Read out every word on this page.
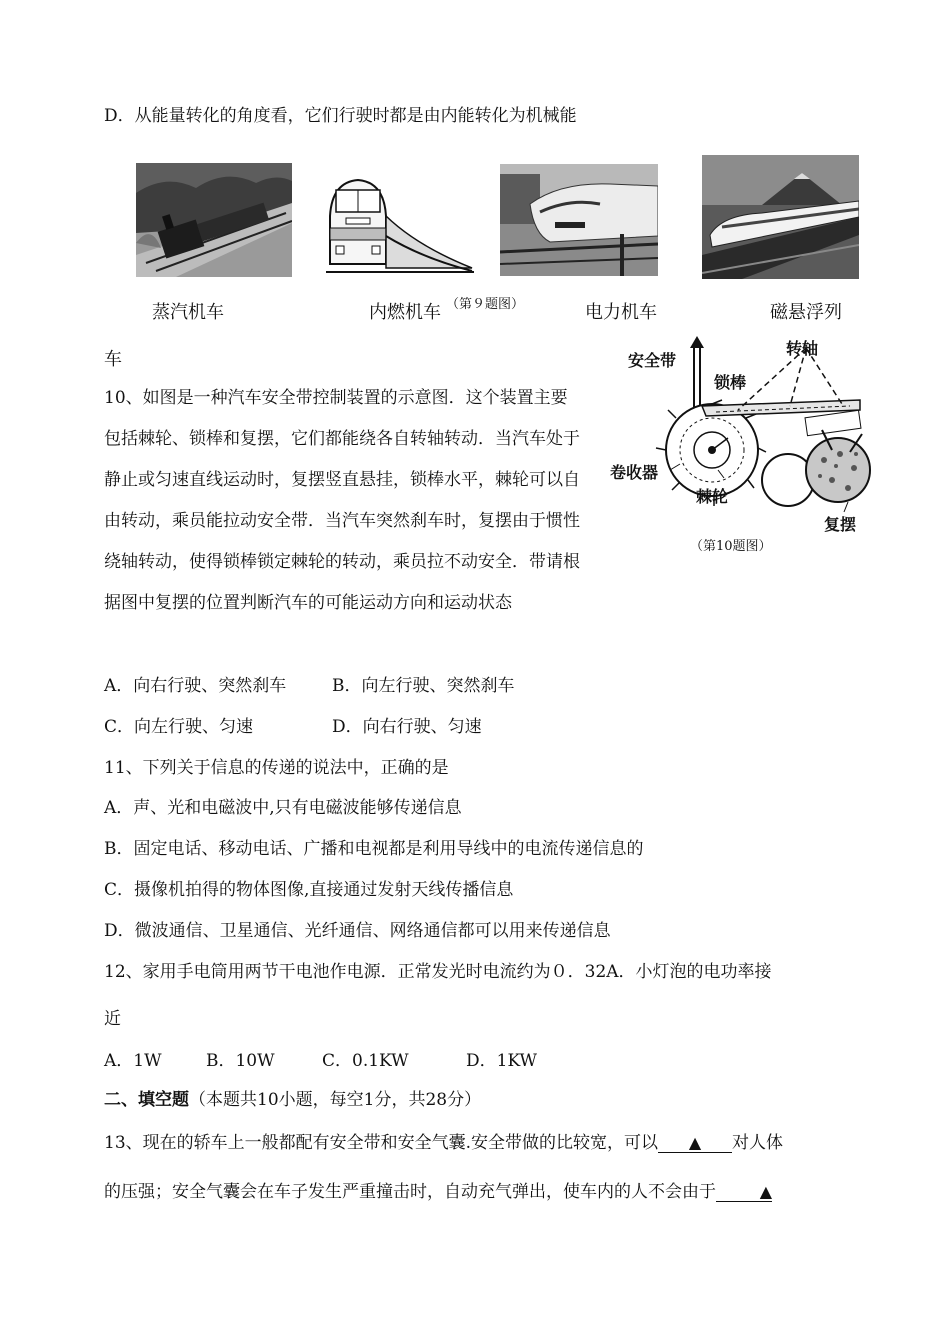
D．从能量转化的角度看，它们行驶时都是由内能转化为机械能
蒸汽机车	内燃机车 （第９题图）	电力机车	磁悬浮列
车
10、如图是一种汽车安全带控制装置的示意图．这个装置主要包括棘轮、锁棒和复摆，它们都能绕各自转轴转动．当汽车处于静止或匀速直线运动时，复摆竖直悬挂，锁棒水平，棘轮可以自由转动，乘员能拉动安全带．当汽车突然刹车时，复摆由于惯性绕轴转动，使得锁棒锁定棘轮的转动，乘员拉不动安全．带请根据图中复摆的位置判断汽车的可能运动方向和运动状态
安全带
转轴
锁棒
卷收器
棘轮
复摆
（第10题图）
A．向右行驶、突然刹车	B．向左行驶、突然刹车
C．向左行驶、匀速	D．向右行驶、匀速
11、下列关于信息的传递的说法中，正确的是
A．声、光和电磁波中,只有电磁波能够传递信息
B．固定电话、移动电话、广播和电视都是利用导线中的电流传递信息的
C．摄像机拍得的物体图像,直接通过发射天线传播信息
D．微波通信、卫星通信、光纤通信、网络通信都可以用来传递信息
12、家用手电筒用两节干电池作电源．正常发光时电流约为０．32A．小灯泡的电功率接
近
A．1W	B．10W	C．0.1KW	D．1KW
二、填空题（本题共10小题，每空1分，共28分）
13、现在的轿车上一般都配有安全带和安全气囊.安全带做的比较宽，可以 ▲ 对人体
的压强；安全气囊会在车子发生严重撞击时，自动充气弹出，使车内的人不会由于	▲
